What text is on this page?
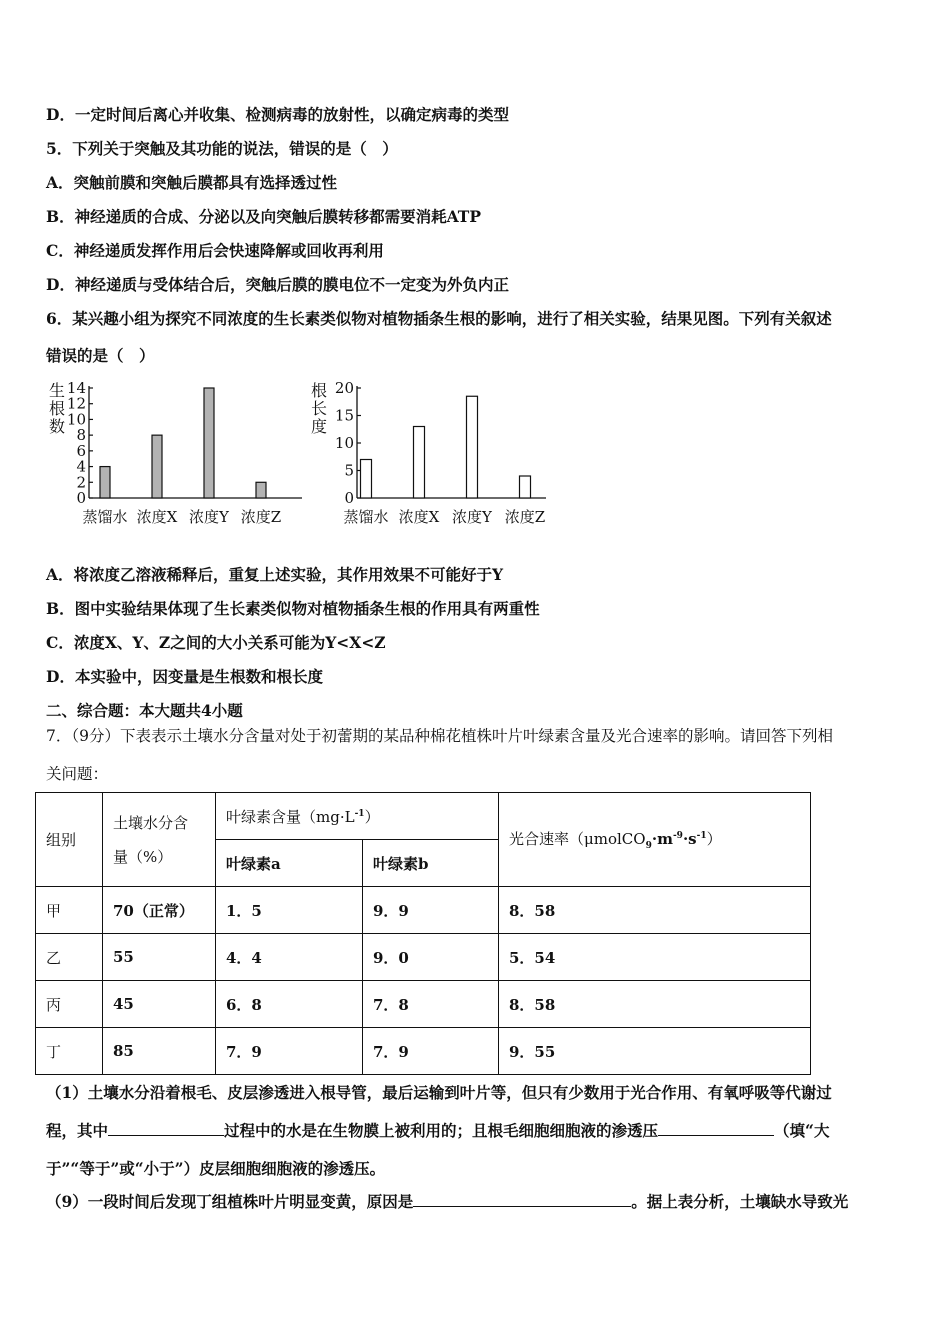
D．一定时间后离心并收集、检测病毒的放射性，以确定病毒的类型
5．下列关于突触及其功能的说法，错误的是（　）
A．突触前膜和突触后膜都具有选择透过性
B．神经递质的合成、分泌以及向突触后膜转移都需要消耗ATP
C．神经递质发挥作用后会快速降解或回收再利用
D．神经递质与受体结合后，突触后膜的膜电位不一定变为外负内正
6．某兴趣小组为探究不同浓度的生长素类似物对植物插条生根的影响，进行了相关实验，结果见图。下列有关叙述
错误的是（　）
生
根
数
0
2
4
6
8
10
12
14
蒸馏水 浓度X 浓度Y 浓度Z
根
长
度
0
5
10
15
20
蒸馏水 浓度X 浓度Y 浓度Z
A．将浓度乙溶液稀释后，重复上述实验，其作用效果不可能好于Y
B．图中实验结果体现了生长素类似物对植物插条生根的作用具有两重性
C．浓度X、Y、Z之间的大小关系可能为Y<X<Z
D．本实验中，因变量是生根数和根长度
二、综合题：本大题共4小题
7．（9分）下表表示土壤水分含量对处于初蕾期的某品种棉花植株叶片叶绿素含量及光合速率的影响。请回答下列相
关问题：
组别	土壤水分含
量（%）	叶绿素含量$(mg\cdot L^{-1})$		光合速率$(\mu molCO_9\cdot m^{-9}\cdot s^{-1})$
		叶绿素a	叶绿素b	
甲	70（正常）	1．5	9．9	8．58
乙	55	4．4	9．0	5．54
丙	45	6．8	7．8	8．58
丁	85	7．9	7．9	9．55
（1）土壤水分沿着根毛、皮层渗透进入根导管，最后运输到叶片等，但只有少数用于光合作用、有氧呼吸等代谢过
程，其中	过程中的水是在生物膜上被利用的；且根毛细胞细胞液的渗透压	（填“大
于”“等于”或“小于”）皮层细胞细胞液的渗透压。
（9）一段时间后发现丁组植株叶片明显变黄，原因是	。据上表分析，土壤缺水导致光
